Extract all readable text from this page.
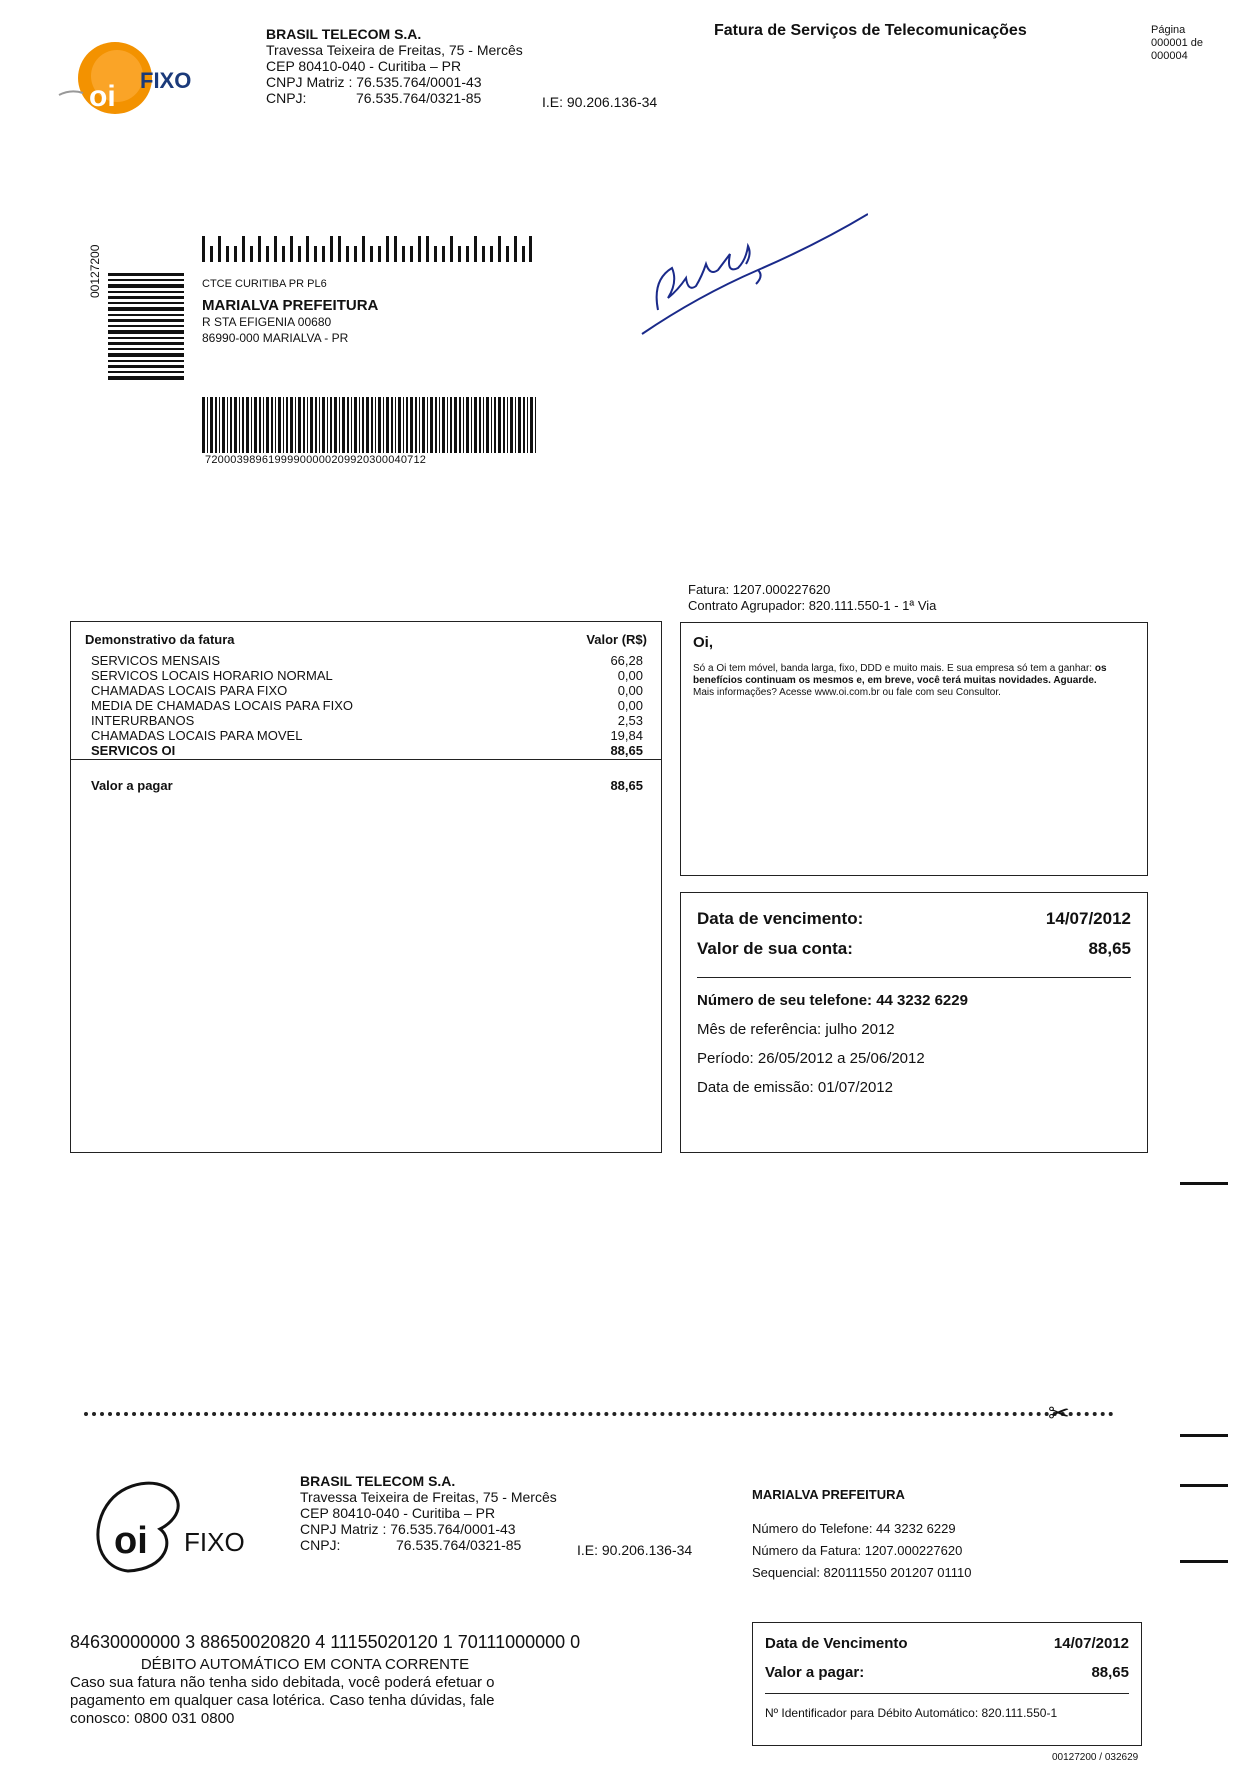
oi FIXO
BRASIL TELECOM S.A.
Travessa Teixeira de Freitas, 75 - Mercês
CEP 80410-040 - Curitiba – PR
CNPJ Matriz : 76.535.764/0001-43
CNPJ:	76.535.764/0321-85	I.E: 90.206.136-34
Fatura de Serviços de Telecomunicações	Página
000001 de
000004
00127200	CTCE CURITIBA PR PL6
MARIALVA PREFEITURA
R STA EFIGENIA 00680
86990-000 MARIALVA - PR
72000398961999900000209920300040712
Fatura: 1207.000227620
Contrato Agrupador: 820.111.550-1 - 1ª Via
Demonstrativo da fatura	Valor (R$)
SERVICOS MENSAIS	66,28
SERVICOS LOCAIS HORARIO NORMAL	0,00
CHAMADAS LOCAIS PARA FIXO	0,00
MEDIA DE CHAMADAS LOCAIS PARA FIXO	0,00
INTERURBANOS	2,53
CHAMADAS LOCAIS PARA MOVEL	19,84
SERVICOS OI	88,65
Valor a pagar	88,65
Oi,
Só a Oi tem móvel, banda larga, fixo, DDD e muito mais. E sua empresa só tem a ganhar: os benefícios continuam os mesmos e, em breve, você terá muitas novidades. Aguarde.
Mais informações? Acesse www.oi.com.br ou fale com seu Consultor.
Data de vencimento:	14/07/2012
Valor de sua conta:	88,65
Número de seu telefone: 44 3232 6229
Mês de referência: julho 2012
Período: 26/05/2012 a 25/06/2012
Data de emissão: 01/07/2012
✂
oi FIXO
BRASIL TELECOM S.A.
Travessa Teixeira de Freitas, 75 - Mercês
CEP 80410-040 - Curitiba – PR
CNPJ Matriz : 76.535.764/0001-43
CNPJ:	76.535.764/0321-85	I.E: 90.206.136-34
MARIALVA PREFEITURA
Número do Telefone: 44 3232 6229
Número da Fatura: 1207.000227620
Sequencial: 820111550 201207 01110
84630000000 3 88650020820 4 11155020120 1 70111000000 0
DÉBITO AUTOMÁTICO EM CONTA CORRENTE
Caso sua fatura não tenha sido debitada, você poderá efetuar o pagamento em qualquer casa lotérica. Caso tenha dúvidas, fale conosco: 0800 031 0800
Data de Vencimento	14/07/2012
Valor a pagar:	88,65
Nº Identificador para Débito Automático: 820.111.550-1
00127200 / 032629
